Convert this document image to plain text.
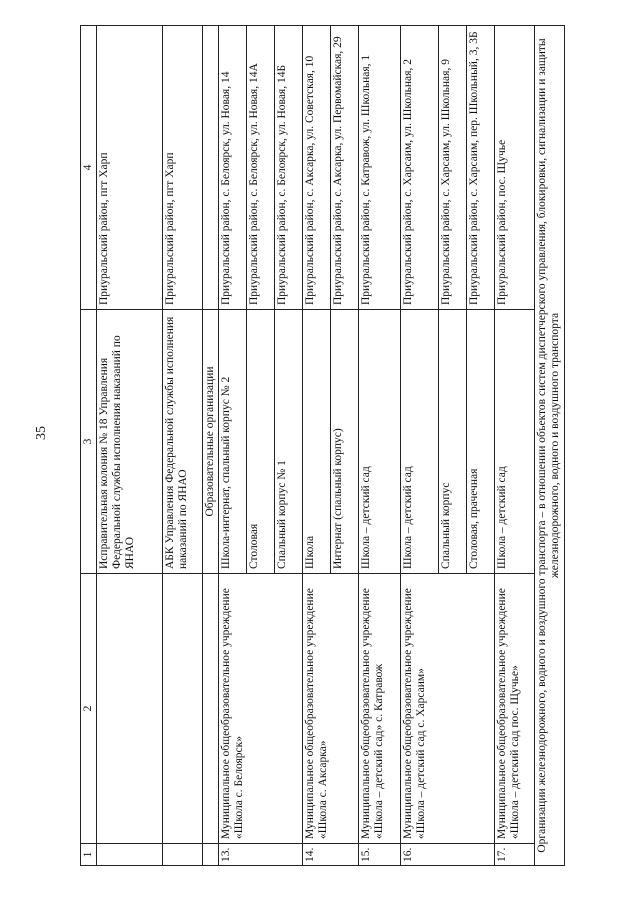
35
1	2	3	4
		Исправительная колония № 18 Управления Федеральной службы исполнения наказаний по ЯНАО	Приуральский район, пгт Харп
		АБК Управления Федеральной службы исполнения наказаний по ЯНАО	Приуральский район, пгт Харп
		Образовательные организации	
13.	Муниципальное общеобразовательное учреждение «Школа с. Белоярск»	Школа-интернат, спальный корпус № 2	Приуральский район, с. Белоярск, ул. Новая, 14
		Столовая	Приуральский район, с. Белоярск, ул. Новая, 14А
		Спальный корпус № 1	Приуральский район, с. Белоярск, ул. Новая, 14Б
14.	Муниципальное общеобразовательное учреждение «Школа с. Аксарка»	Школа	Приуральский район, с. Аксарка, ул. Советская, 10
		Интернат (спальный корпус)	Приуральский район, с. Аксарка, ул. Первомайская, 29
15.	Муниципальное общеобразовательное учреждение «Школа – детский сад» с. Катравож	Школа – детский сад	Приуральский район, с. Катравож, ул. Школьная, 1
16.	Муниципальное общеобразовательное учреждение «Школа – детский сад с. Харсаим»	Школа – детский сад	Приуральский район, с. Харсаим, ул. Школьная, 2
		Спальный корпус	Приуральский район, с. Харсаим, ул. Школьная, 9
		Столовая, прачечная	Приуральский район, с. Харсаим, пер. Школьный, 3, 3Б
17.	Муниципальное общеобразовательное учреждение «Школа – детский сад пос. Щучье»	Школа – детский сад	Приуральский район, пос. Щучье
Организации железнодорожного, водного и воздушного транспорта – в отношении объектов систем диспетчерского управления, блокировки, сигнализации и защиты железнодорожного, водного и воздушного транспорта			
